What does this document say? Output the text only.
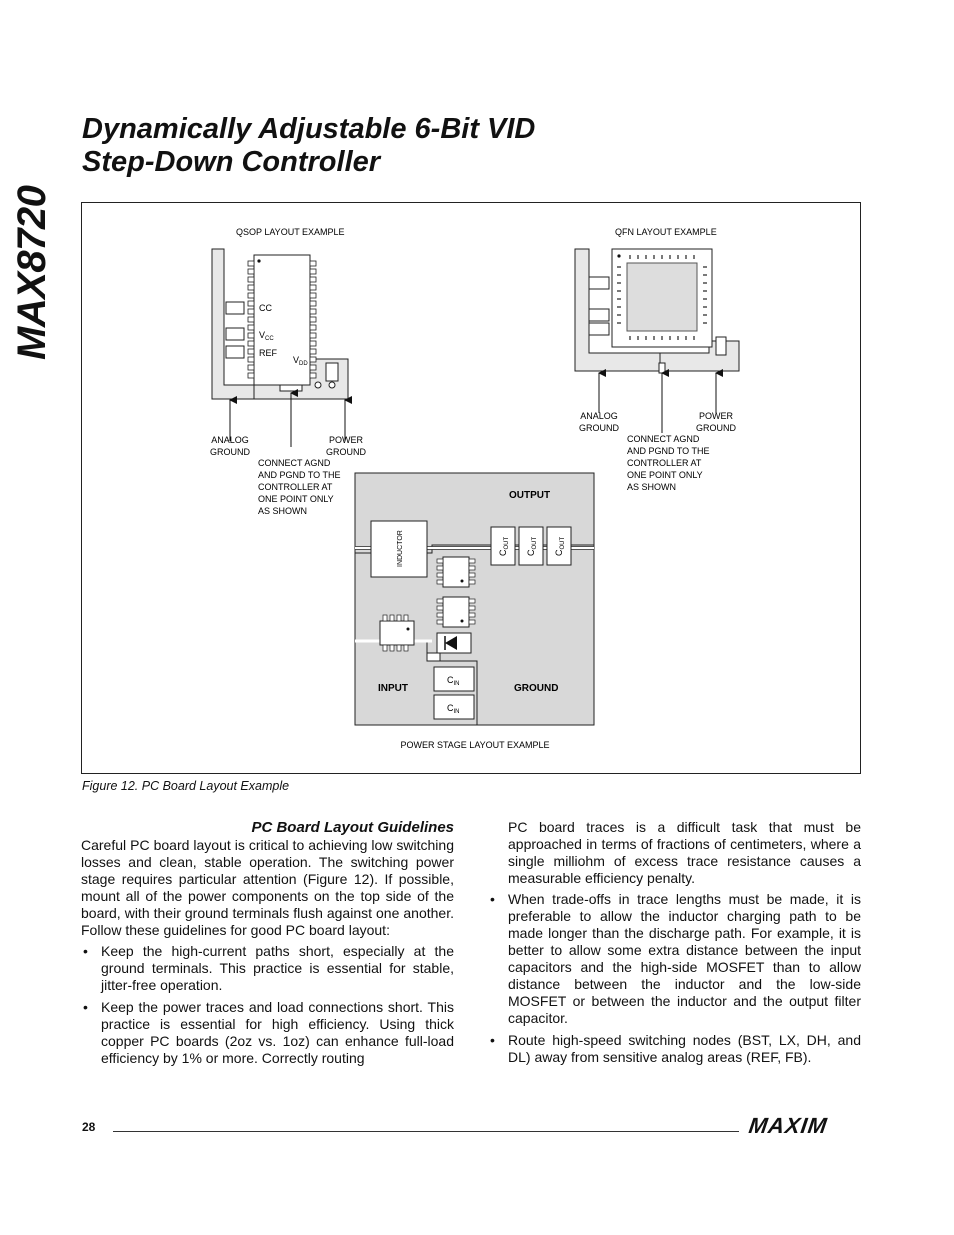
MAX8720
Dynamically Adjustable 6-Bit VID
Step-Down Controller
QSOP LAYOUT EXAMPLE
CC
$V_{CC}$
REF
$V_{DD}$
ANALOG
GROUND
POWER
GROUND
CONNECT AGND
AND PGND TO THE
CONTROLLER AT
ONE POINT ONLY
AS SHOWN
QFN LAYOUT EXAMPLE
ANALOG
GROUND
POWER
GROUND
CONNECT AGND
AND PGND TO THE
CONTROLLER AT
ONE POINT ONLY
AS SHOWN
OUTPUT
INPUT	GROUND
INDUCTOR	$C_{OUT}$
$C_{OUT}$
$C_{OUT}$
$C_{IN}$
$C_{IN}$
POWER STAGE LAYOUT EXAMPLE
Figure 12. PC Board Layout Example
PC Board Layout Guidelines

Careful PC board layout is critical to achieving low switching losses and clean, stable operation. The switching power stage requires particular attention (Figure 12). If possible, mount all of the power components on the top side of the board, with their ground terminals flush against one another. Follow these guidelines for good PC board layout:

• Keep the high-current paths short, especially at the ground terminals. This practice is essential for stable, jitter-free operation.
• Keep the power traces and load connections short. This practice is essential for high efficiency. Using thick copper PC boards (2oz vs. 1oz) can enhance full-load efficiency by 1% or more. Correctly routing

PC board traces is a difficult task that must be approached in terms of fractions of centimeters, where a single milliohm of excess trace resistance causes a measurable efficiency penalty.

• When trade-offs in trace lengths must be made, it is preferable to allow the inductor charging path to be made longer than the discharge path. For example, it is better to allow some extra distance between the input capacitors and the high-side MOSFET than to allow distance between the inductor and the low-side MOSFET or between the inductor and the output filter capacitor.
• Route high-speed switching nodes (BST, LX, DH, and DL) away from sensitive analog areas (REF, FB).
28	MAXIM
